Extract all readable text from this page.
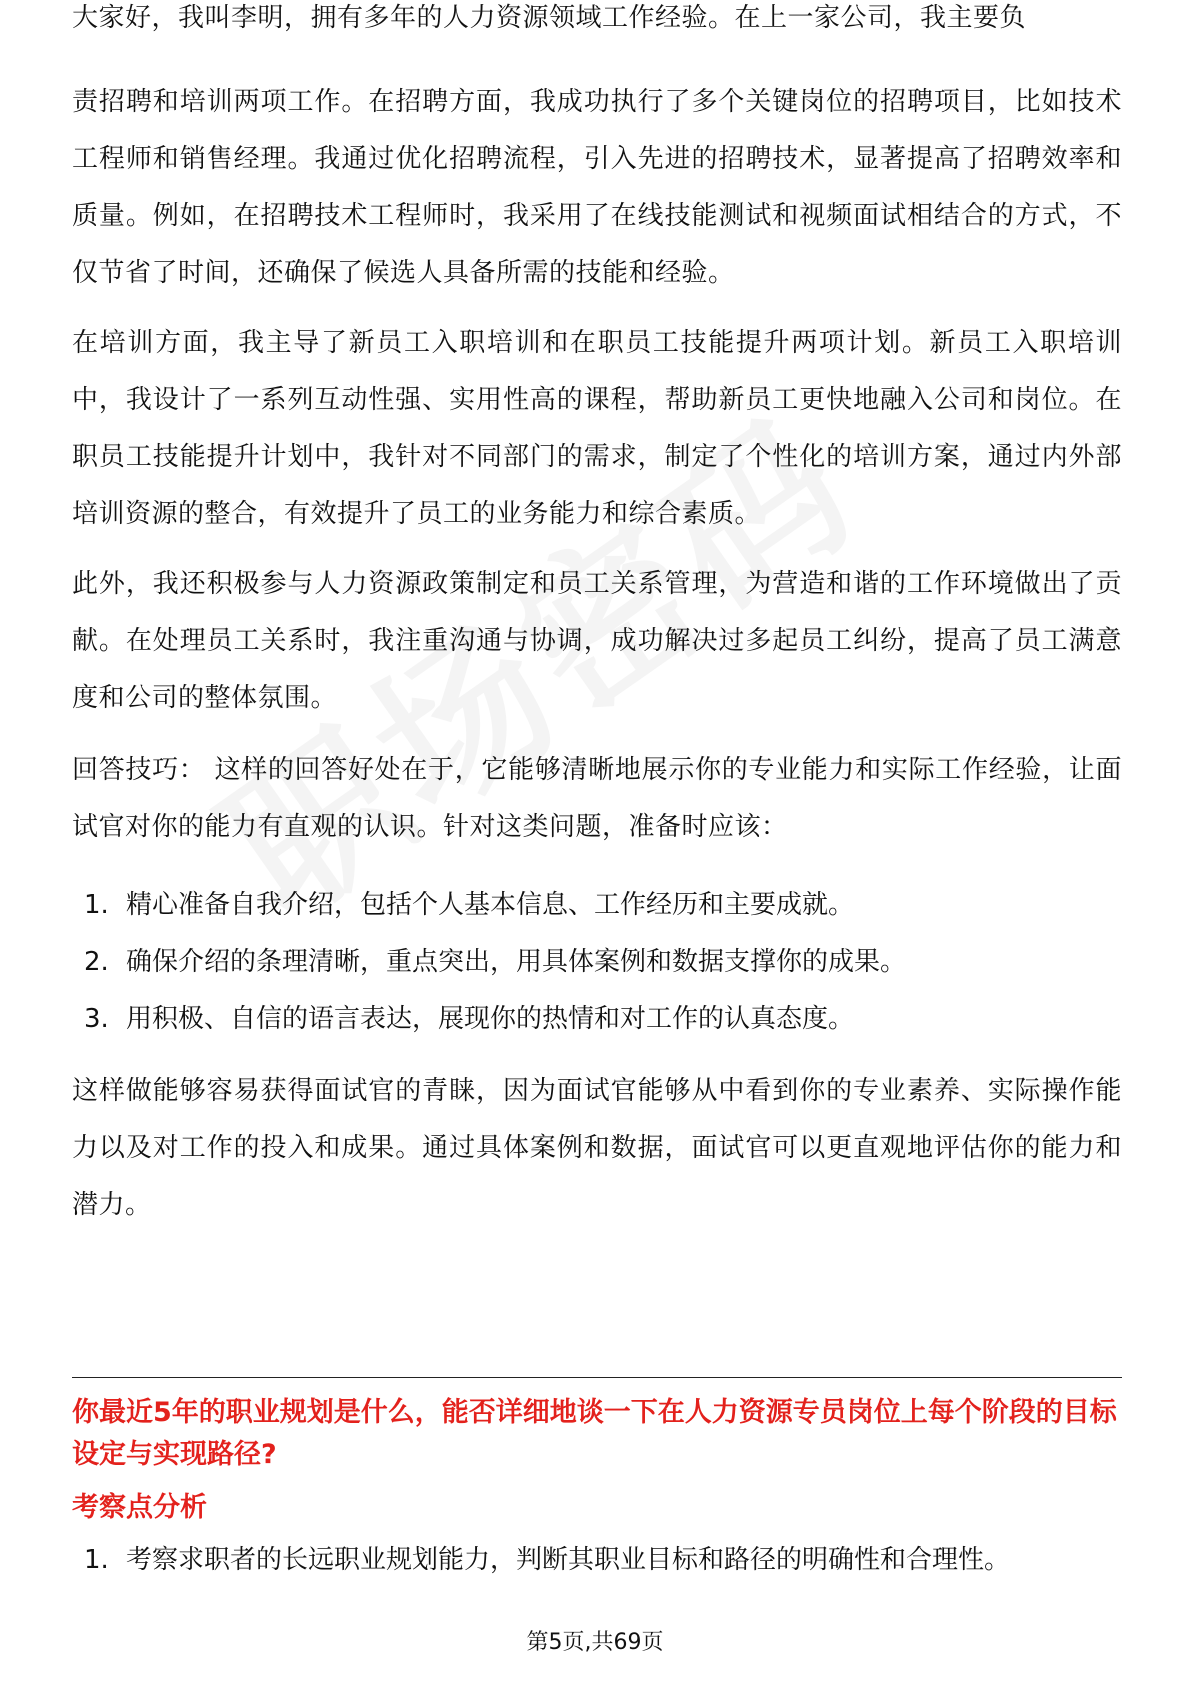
大家好，我叫李明，拥有多年的人力资源领域工作经验。在上一家公司，我主要负

责招聘和培训两项工作。在招聘方面，我成功执行了多个关键岗位的招聘项目，比如技术工程师和销售经理。我通过优化招聘流程，引入先进的招聘技术，显著提高了招聘效率和质量。例如，在招聘技术工程师时，我采用了在线技能测试和视频面试相结合的方式，不仅节省了时间，还确保了候选人具备所需的技能和经验。

在培训方面，我主导了新员工入职培训和在职员工技能提升两项计划。新员工入职培训中，我设计了一系列互动性强、实用性高的课程，帮助新员工更快地融入公司和岗位。在职员工技能提升计划中，我针对不同部门的需求，制定了个性化的培训方案，通过内外部培训资源的整合，有效提升了员工的业务能力和综合素质。

此外，我还积极参与人力资源政策制定和员工关系管理，为营造和谐的工作环境做出了贡献。在处理员工关系时，我注重沟通与协调，成功解决过多起员工纠纷，提高了员工满意度和公司的整体氛围。

回答技巧： 这样的回答好处在于，它能够清晰地展示你的专业能力和实际工作经验，让面试官对你的能力有直观的认识。针对这类问题，准备时应该：

1. 精心准备自我介绍，包括个人基本信息、工作经历和主要成就。
2. 确保介绍的条理清晰，重点突出，用具体案例和数据支撑你的成果。
3. 用积极、自信的语言表达，展现你的热情和对工作的认真态度。

这样做能够容易获得面试官的青睐，因为面试官能够从中看到你的专业素养、实际操作能力以及对工作的投入和成果。通过具体案例和数据，面试官可以更直观地评估你的能力和潜力。

1. 考察求职者的长远职业规划能力，判断其职业目标和路径的明确性和合理性。

你最近5年的职业规划是什么，能否详细地谈一下在人力资源专员岗位上每个阶段的目标设定与实现路径?

考察点分析

第5页,共69页
